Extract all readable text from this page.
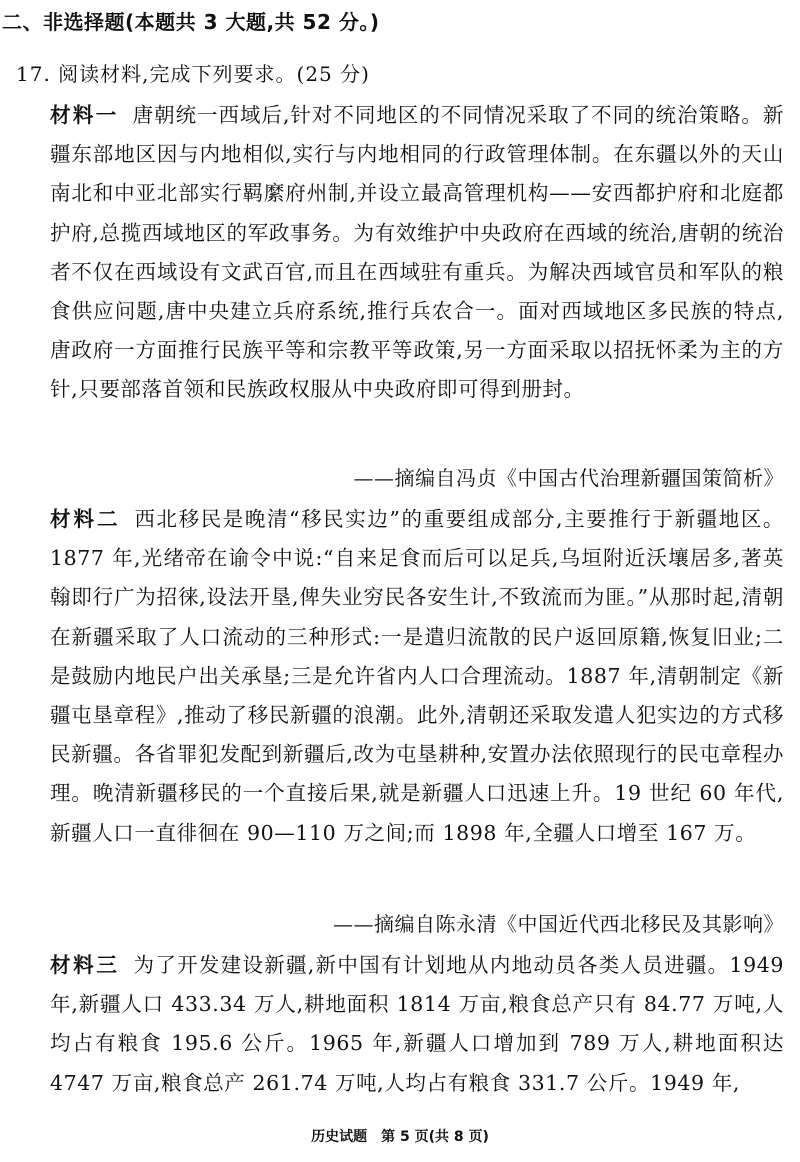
二、非选择题(本题共 3 大题,共 52 分。)
17. 阅读材料,完成下列要求。(25 分)
材料一 唐朝统一西域后,针对不同地区的不同情况采取了不同的统治策略。新疆东部地区因与内地相似,实行与内地相同的行政管理体制。在东疆以外的天山南北和中亚北部实行羁縻府州制,并设立最高管理机构——安西都护府和北庭都护府,总揽西域地区的军政事务。为有效维护中央政府在西域的统治,唐朝的统治者不仅在西域设有文武百官,而且在西域驻有重兵。为解决西域官员和军队的粮食供应问题,唐中央建立兵府系统,推行兵农合一。面对西域地区多民族的特点,唐政府一方面推行民族平等和宗教平等政策,另一方面采取以招抚怀柔为主的方针,只要部落首领和民族政权服从中央政府即可得到册封。
——摘编自冯贞《中国古代治理新疆国策简析》
材料二 西北移民是晚清“移民实边”的重要组成部分,主要推行于新疆地区。1877 年,光绪帝在谕令中说:“自来足食而后可以足兵,乌垣附近沃壤居多,著英翰即行广为招徕,设法开垦,俾失业穷民各安生计,不致流而为匪。”从那时起,清朝在新疆采取了人口流动的三种形式:一是遣归流散的民户返回原籍,恢复旧业;二是鼓励内地民户出关承垦;三是允许省内人口合理流动。1887 年,清朝制定《新疆屯垦章程》,推动了移民新疆的浪潮。此外,清朝还采取发遣人犯实边的方式移民新疆。各省罪犯发配到新疆后,改为屯垦耕种,安置办法依照现行的民屯章程办理。晚清新疆移民的一个直接后果,就是新疆人口迅速上升。19 世纪 60 年代,新疆人口一直徘徊在 90—110 万之间;而 1898 年,全疆人口增至 167 万。
——摘编自陈永清《中国近代西北移民及其影响》
材料三 为了开发建设新疆,新中国有计划地从内地动员各类人员进疆。1949 年,新疆人口 433.34 万人,耕地面积 1814 万亩,粮食总产只有 84.77 万吨,人均占有粮食 195.6 公斤。1965 年,新疆人口增加到 789 万人,耕地面积达 4747 万亩,粮食总产 261.74 万吨,人均占有粮食 331.7 公斤。1949 年,
历史试题　第 5 页(共 8 页)
